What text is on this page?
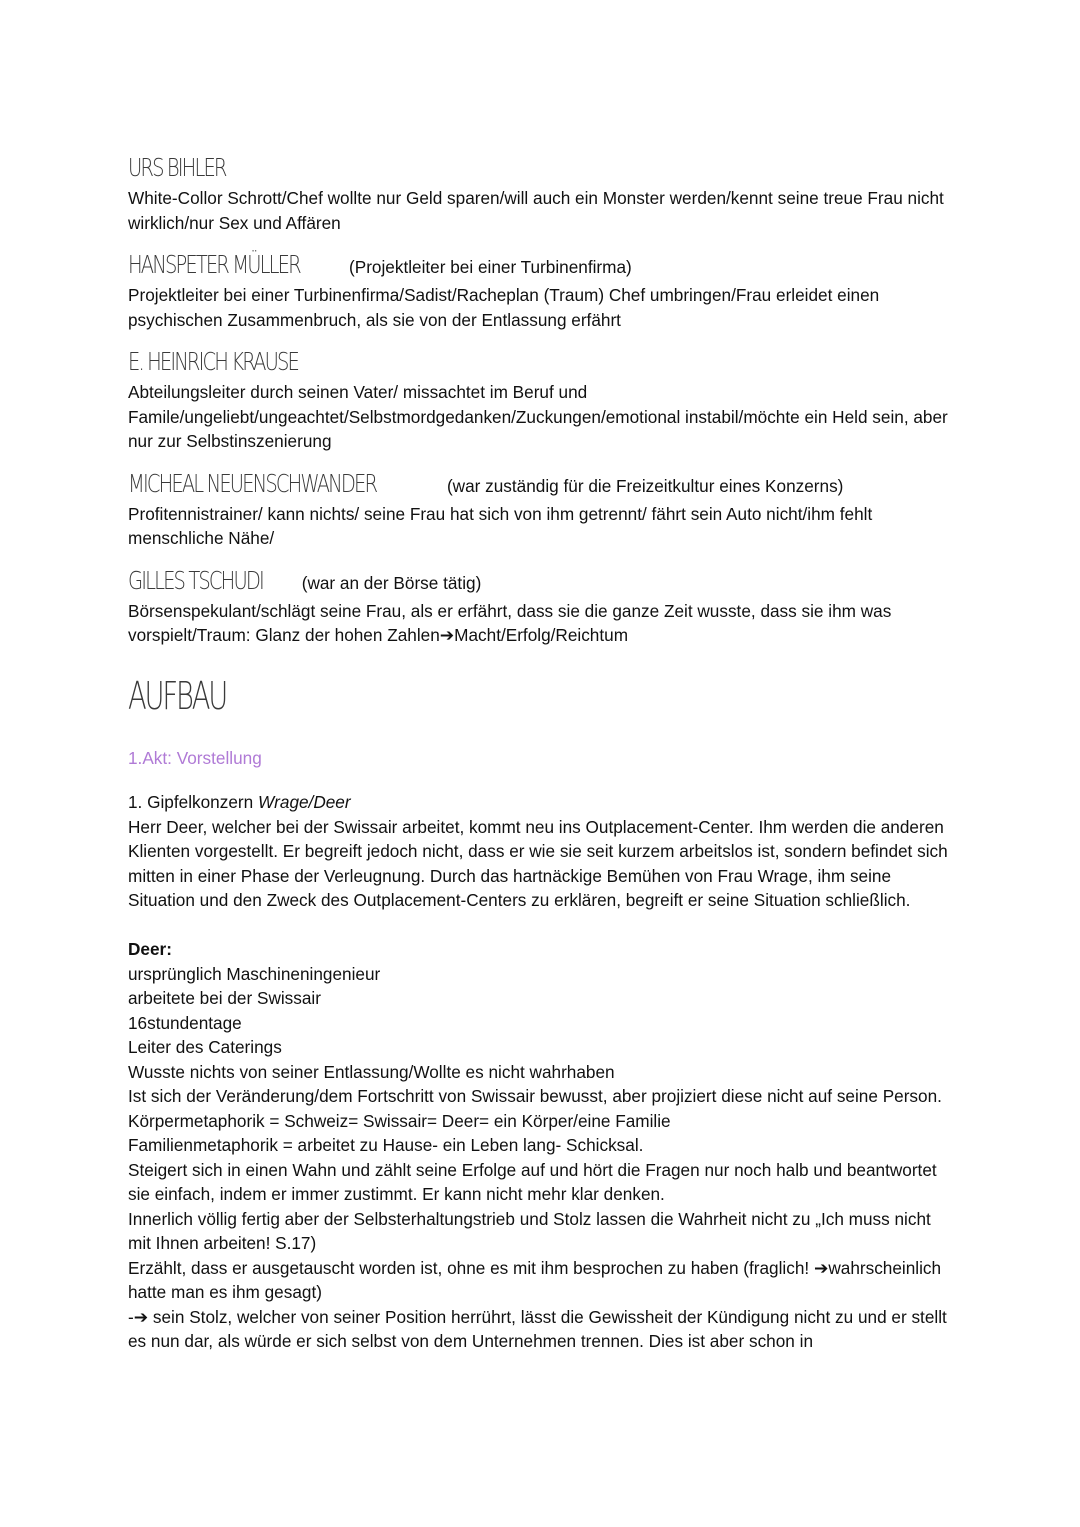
URS BIHLER

White-Collor Schrott/Chef wollte nur Geld sparen/will auch ein Monster werden/kennt seine treue Frau nicht wirklich/nur Sex und Affären

HANSPETER MÜLLER	(Projektleiter bei einer Turbinenfirma)

Projektleiter bei einer Turbinenfirma/Sadist/Racheplan (Traum) Chef umbringen/Frau erleidet einen psychischen Zusammenbruch, als sie von der Entlassung erfährt

E. HEINRICH KRAUSE

Abteilungsleiter durch seinen Vater/ missachtet im Beruf und Famile/ungeliebt/ungeachtet/Selbstmordgedanken/Zuckungen/emotional instabil/möchte ein Held sein, aber nur zur Selbstinszenierung

MICHEAL NEUENSCHWANDER	(war zuständig für die Freizeitkultur eines Konzerns)

Profitennistrainer/ kann nichts/ seine Frau hat sich von ihm getrennt/ fährt sein Auto nicht/ihm fehlt menschliche Nähe/

GILLES TSCHUDI (war an der Börse tätig)

Börsenspekulant/schlägt seine Frau, als er erfährt, dass sie die ganze Zeit wusste, dass sie ihm was vorspielt/Traum: Glanz der hohen Zahlen➔Macht/Erfolg/Reichtum

AUFBAU
1.Akt: Vorstellung

1. Gipfelkonzern Wrage/Deer

Herr Deer, welcher bei der Swissair arbeitet, kommt neu ins Outplacement-Center. Ihm werden die anderen Klienten vorgestellt. Er begreift jedoch nicht, dass er wie sie seit kurzem arbeitslos ist, sondern befindet sich mitten in einer Phase der Verleugnung. Durch das hartnäckige Bemühen von Frau Wrage, ihm seine Situation und den Zweck des Outplacement-Centers zu erklären, begreift er seine Situation schließlich.

Deer:

ursprünglich Maschineningenieur

arbeitete bei der Swissair

16stundentage

Leiter des Caterings

Wusste nichts von seiner Entlassung/Wollte es nicht wahrhaben

Ist sich der Veränderung/dem Fortschritt von Swissair bewusst, aber projiziert diese nicht auf seine Person.

Körpermetaphorik = Schweiz= Swissair= Deer= ein Körper/eine Familie

Familienmetaphorik = arbeitet zu Hause- ein Leben lang- Schicksal.

Steigert sich in einen Wahn und zählt seine Erfolge auf und hört die Fragen nur noch halb und beantwortet sie einfach, indem er immer zustimmt. Er kann nicht mehr klar denken.

Innerlich völlig fertig aber der Selbsterhaltungstrieb und Stolz lassen die Wahrheit nicht zu „Ich muss nicht mit Ihnen arbeiten! S.17)

Erzählt, dass er ausgetauscht worden ist, ohne es mit ihm besprochen zu haben (fraglich! ➔wahrscheinlich hatte man es ihm gesagt)

-➔ sein Stolz, welcher von seiner Position herrührt, lässt die Gewissheit der Kündigung nicht zu und er stellt es nun dar, als würde er sich selbst von dem Unternehmen trennen. Dies ist aber schon in
